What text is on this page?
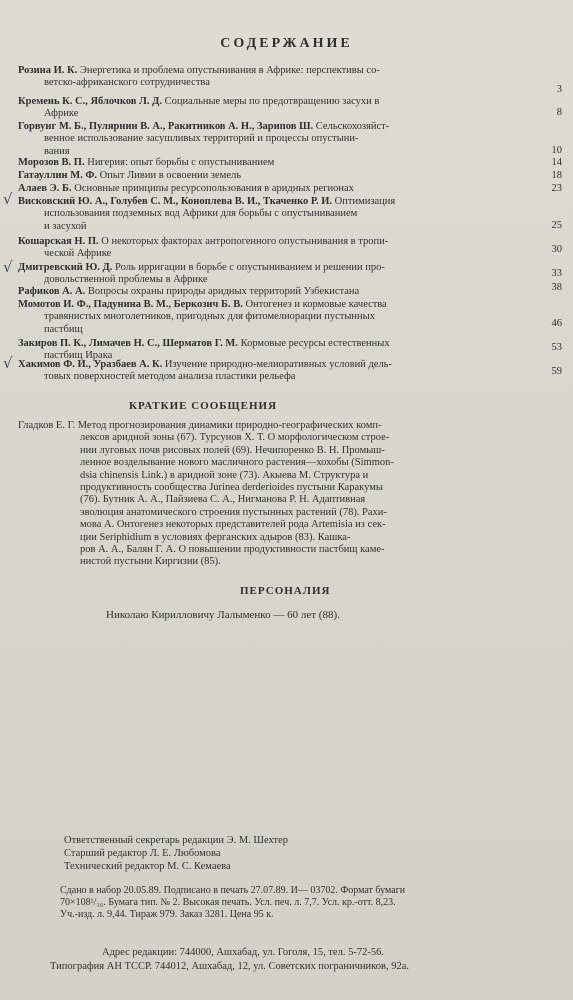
СОДЕРЖАНИЕ
Розина И. К. Энергетика и проблема опустынивания в Африке: перспективы со-
ветско-африканского сотрудничества
3
Кремень К. С., Яблочков Л. Д. Социальные меры по предотвращению засухи в
Африке	8
Горвунг М. Б., Пулярнин В. А., Ракитников А. Н., Зарипов Ш. Сельскохозяйст-
венное использование засушливых территорий и процессы опустыни-
вания	10
Морозов В. П. Нигерия: опыт борьбы с опустыниванием	14
Гатауллин М. Ф. Опыт Ливии в освоении земель	18
Алаев Э. Б. Основные принципы ресурсопользования в аридных регионах	23
√ Висковский Ю. А., Голубев С. М., Коноплева В. И., Ткаченко Р. И. Оптимизация
использования подземных вод Африки для борьбы с опустыниванием
и засухой	25
Кошарская Н. П. О некоторых факторах антропогенного опустынивания в тропи-
ческой Африке	30
√ Дмитревский Ю. Д. Роль ирригации в борьбе с опустыниванием и решении про-
довольственной проблемы в Африке
33
Рафиков А. А. Вопросы охраны природы аридных территорий Узбекистана	38
Момотов И. Ф., Падунина В. М., Беркозич Б. В. Онтогенез и кормовые качества
травянистых многолетников, пригодных для фитомелиорации пустынных
пастбищ
46
Закиров П. К., Лимачев Н. С., Шерматов Г. М. Кормовые ресурсы естественных
пастбищ Ирака
53
√ Хакимов Ф. И., Уразбаев А. К. Изучение природно-мелиоративных условий дель-
товых поверхностей методом анализа пластики рельефа	59
КРАТКИЕ СООБЩЕНИЯ

Гладков Е. Г. Метод прогнозирования динамики природно-географических комп-

лексов аридной зоны (67). Турсунов Х. Т. О морфологическом строе-

нии луговых почв рисовых полей (69). Нечипоренко В. Н. Промыш-

ленное возделывание нового масличного растения—хохобы (Simmon-

dsia chinensis Link.) в аридной зоне (73). Акыева М. Структура и

продуктивность сообщества Jurinea derderioides пустыни Каракумы

(76). Бутник А. А., Пайзиева С. А., Нигманова Р. Н. Адаптивная

эволюция анатомического строения пустынных растений (78). Рахи-

мова А. Онтогенез некоторых представителей рода Artemisia из сек-

ции Seriphidium в условиях ферганских адыров (83). Кашка-

ров А. А., Балян Г. А. О повышении продуктивности пастбищ каме-

нистой пустыни Киргизии (85).

ПЕРСОНАЛИЯ
Николаю Кирилловичу Лалыменко — 60 лет (88).
Ответственный секретарь редакции Э. М. Шехтер
Старший редактор Л. Е. Любомова
Технический редактор М. С. Кемаева
Сдано в набор 20.05.89. Подписано в печать 27.07.89. И— 03702. Формат бумаги
70×108¹/₁₆. Бумага тип. № 2. Высокая печать. Усл. печ. л. 7,7. Усл. кр.-отт. 8,23.
Уч.-изд. л. 9,44. Тираж 979. Заказ 3281. Цена 95 к.
Адрес редакции: 744000, Ашхабад, ул. Гоголя, 15, тел. 5-72-56.
Типография АН ТССР. 744012, Ашхабад, 12, ул. Советских пограничников, 92а.
